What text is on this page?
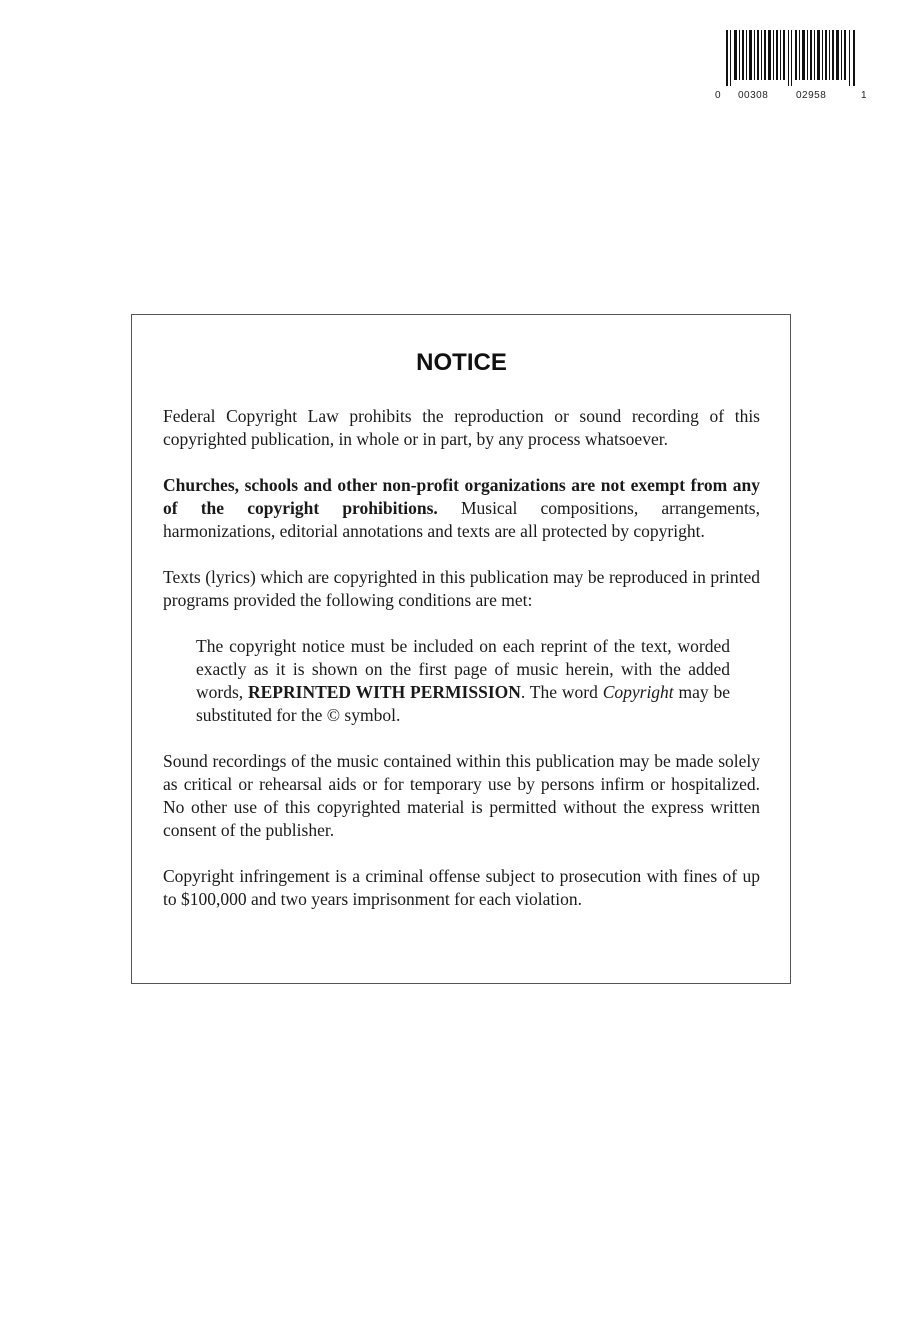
0 00308	02958	1
NOTICE

Federal Copyright Law prohibits the reproduction or sound recording of this copyrighted publication, in whole or in part, by any process whatsoever.

Churches, schools and other non-profit organizations are not exempt from any of the copyright prohibitions. Musical compositions, arrangements, harmonizations, editorial annotations and texts are all protected by copyright.

Texts (lyrics) which are copyrighted in this publication may be reproduced in printed programs provided the following conditions are met:

The copyright notice must be included on each reprint of the text, worded exactly as it is shown on the first page of music herein, with the added words, REPRINTED WITH PERMISSION. The word Copyright may be substituted for the © symbol.

Sound recordings of the music contained within this publication may be made solely as critical or rehearsal aids or for temporary use by persons infirm or hospitalized. No other use of this copyrighted material is permitted without the express written consent of the publisher.

Copyright infringement is a criminal offense subject to prosecution with fines of up to $100,000 and two years imprisonment for each violation.
